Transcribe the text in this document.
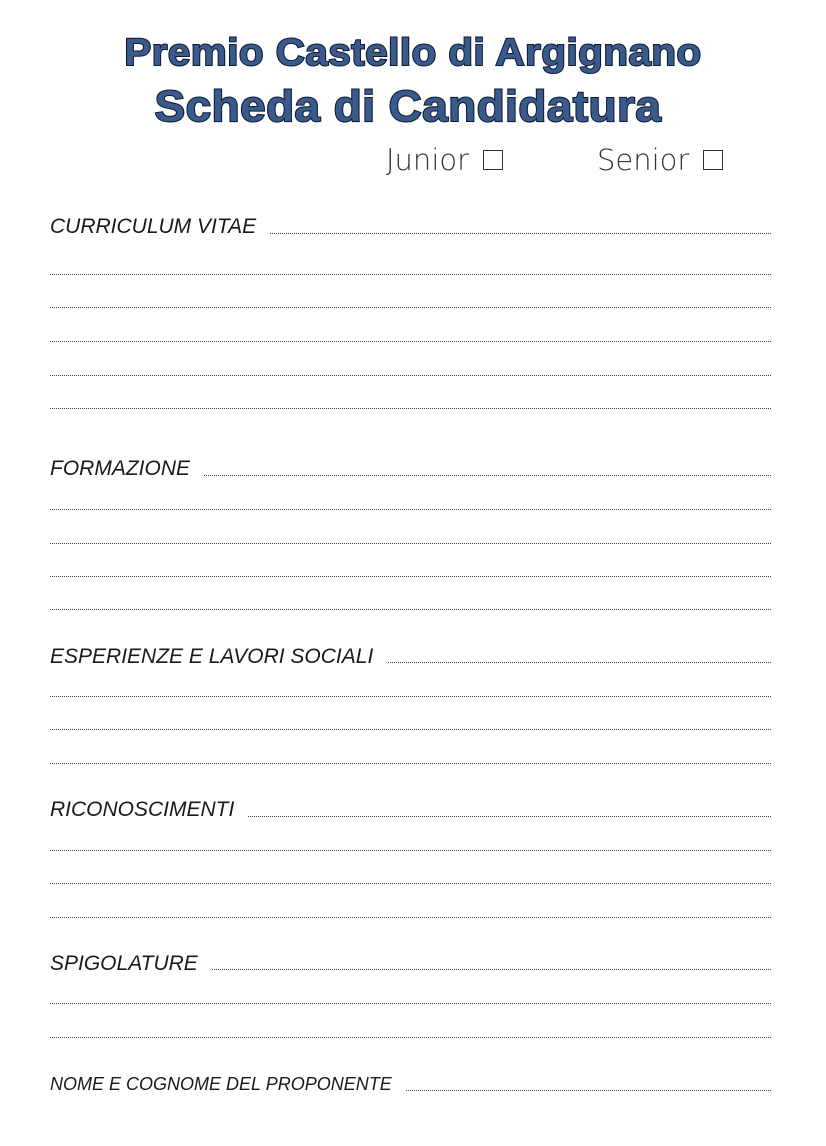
Premio Castello di Argignano
Scheda di Candidatura
Junior	Senior
CURRICULUM VITAE
FORMAZIONE
ESPERIENZE E LAVORI SOCIALI
RICONOSCIMENTI
SPIGOLATURE
NOME E COGNOME DEL PROPONENTE
